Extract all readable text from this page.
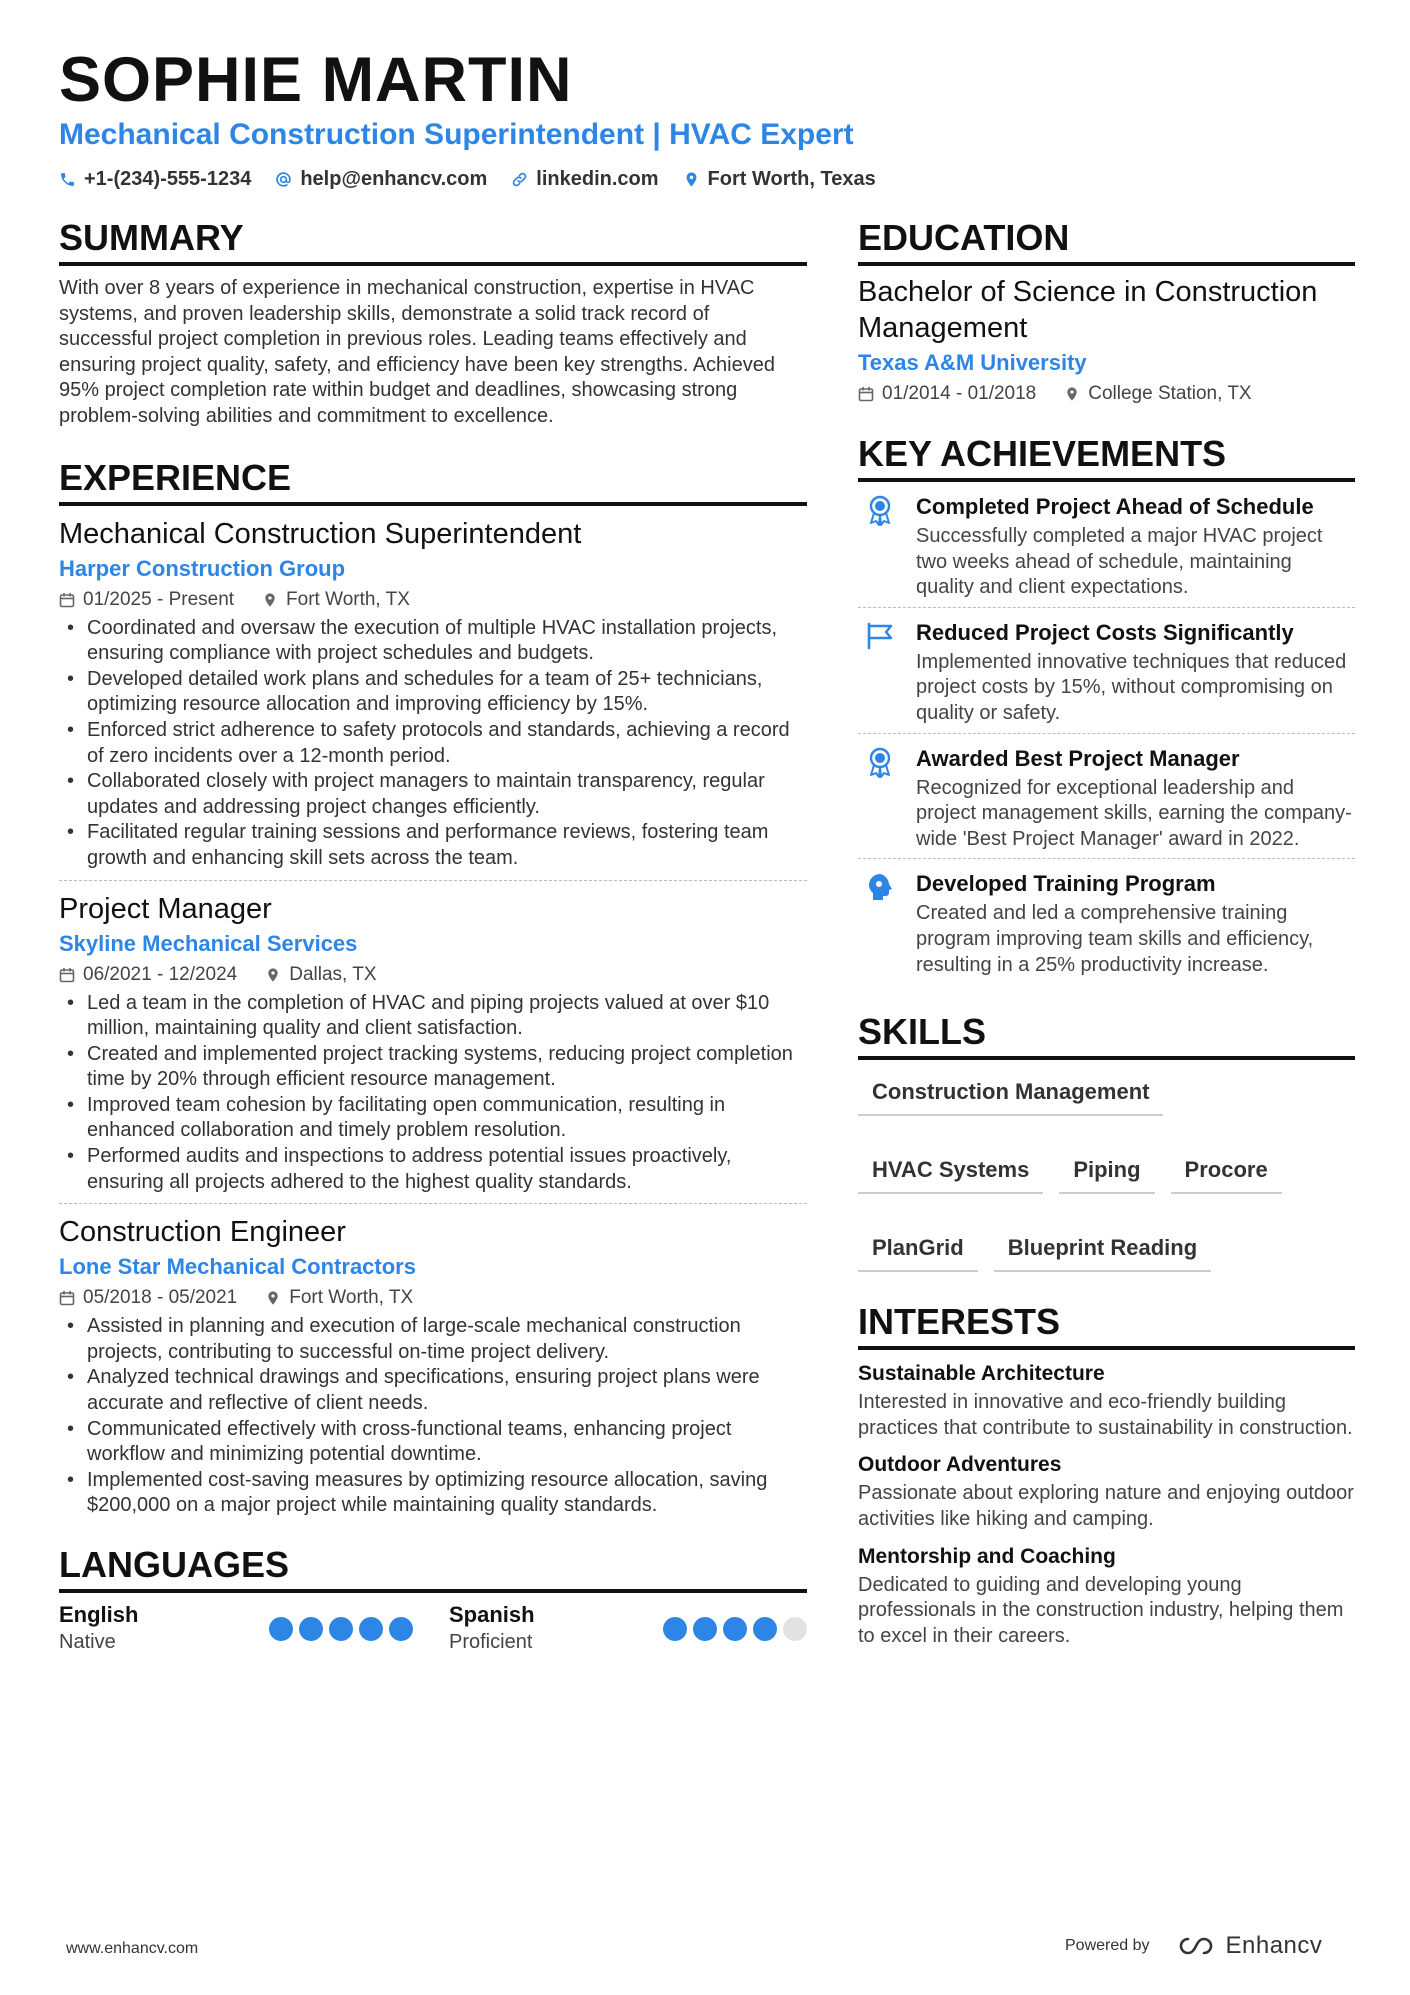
SOPHIE MARTIN
Mechanical Construction Superintendent | HVAC Expert
+1-(234)-555-1234 help@enhancv.com linkedin.com Fort Worth, Texas
SUMMARY

With over 8 years of experience in mechanical construction, expertise in HVAC systems, and proven leadership skills, demonstrate a solid track record of successful project completion in previous roles. Leading teams effectively and ensuring project quality, safety, and efficiency have been key strengths. Achieved 95% project completion rate within budget and deadlines, showcasing strong problem-solving abilities and commitment to excellence.

EXPERIENCE
Mechanical Construction Superintendent
Harper Construction Group
01/2025 - Present	Fort Worth, TX
• Coordinated and oversaw the execution of multiple HVAC installation projects, ensuring compliance with project schedules and budgets.
• Developed detailed work plans and schedules for a team of 25+ technicians, optimizing resource allocation and improving efficiency by 15%.
• Enforced strict adherence to safety protocols and standards, achieving a record of zero incidents over a 12-month period.
• Collaborated closely with project managers to maintain transparency, regular updates and addressing project changes efficiently.
• Facilitated regular training sessions and performance reviews, fostering team growth and enhancing skill sets across the team.
Project Manager
Skyline Mechanical Services
06/2021 - 12/2024	Dallas, TX
• Led a team in the completion of HVAC and piping projects valued at over $10 million, maintaining quality and client satisfaction.
• Created and implemented project tracking systems, reducing project completion time by 20% through efficient resource management.
• Improved team cohesion by facilitating open communication, resulting in enhanced collaboration and timely problem resolution.
• Performed audits and inspections to address potential issues proactively, ensuring all projects adhered to the highest quality standards.
Construction Engineer
Lone Star Mechanical Contractors
05/2018 - 05/2021	Fort Worth, TX
• Assisted in planning and execution of large-scale mechanical construction projects, contributing to successful on-time project delivery.
• Analyzed technical drawings and specifications, ensuring project plans were accurate and reflective of client needs.
• Communicated effectively with cross-functional teams, enhancing project workflow and minimizing potential downtime.
• Implemented cost-saving measures by optimizing resource allocation, saving $200,000 on a major project while maintaining quality standards.
LANGUAGES
English
Native
Spanish
Proficient
EDUCATION
Bachelor of Science in Construction Management
Texas A&M University
01/2014 - 01/2018	College Station, TX
KEY ACHIEVEMENTS
Completed Project Ahead of Schedule
Successfully completed a major HVAC project two weeks ahead of schedule, maintaining quality and client expectations.
Reduced Project Costs Significantly
Implemented innovative techniques that reduced project costs by 15%, without compromising on quality or safety.
Awarded Best Project Manager
Recognized for exceptional leadership and project management skills, earning the company-wide 'Best Project Manager' award in 2022.
Developed Training Program
Created and led a comprehensive training program improving team skills and efficiency, resulting in a 25% productivity increase.
SKILLS
Construction Management
HVAC Systems	Piping	Procore
PlanGrid	Blueprint Reading
INTERESTS
Sustainable Architecture
Interested in innovative and eco-friendly building practices that contribute to sustainability in construction.
Outdoor Adventures
Passionate about exploring nature and enjoying outdoor activities like hiking and camping.
Mentorship and Coaching
Dedicated to guiding and developing young professionals in the construction industry, helping them to excel in their careers.
www.enhancv.com	Powered by	Enhancv
